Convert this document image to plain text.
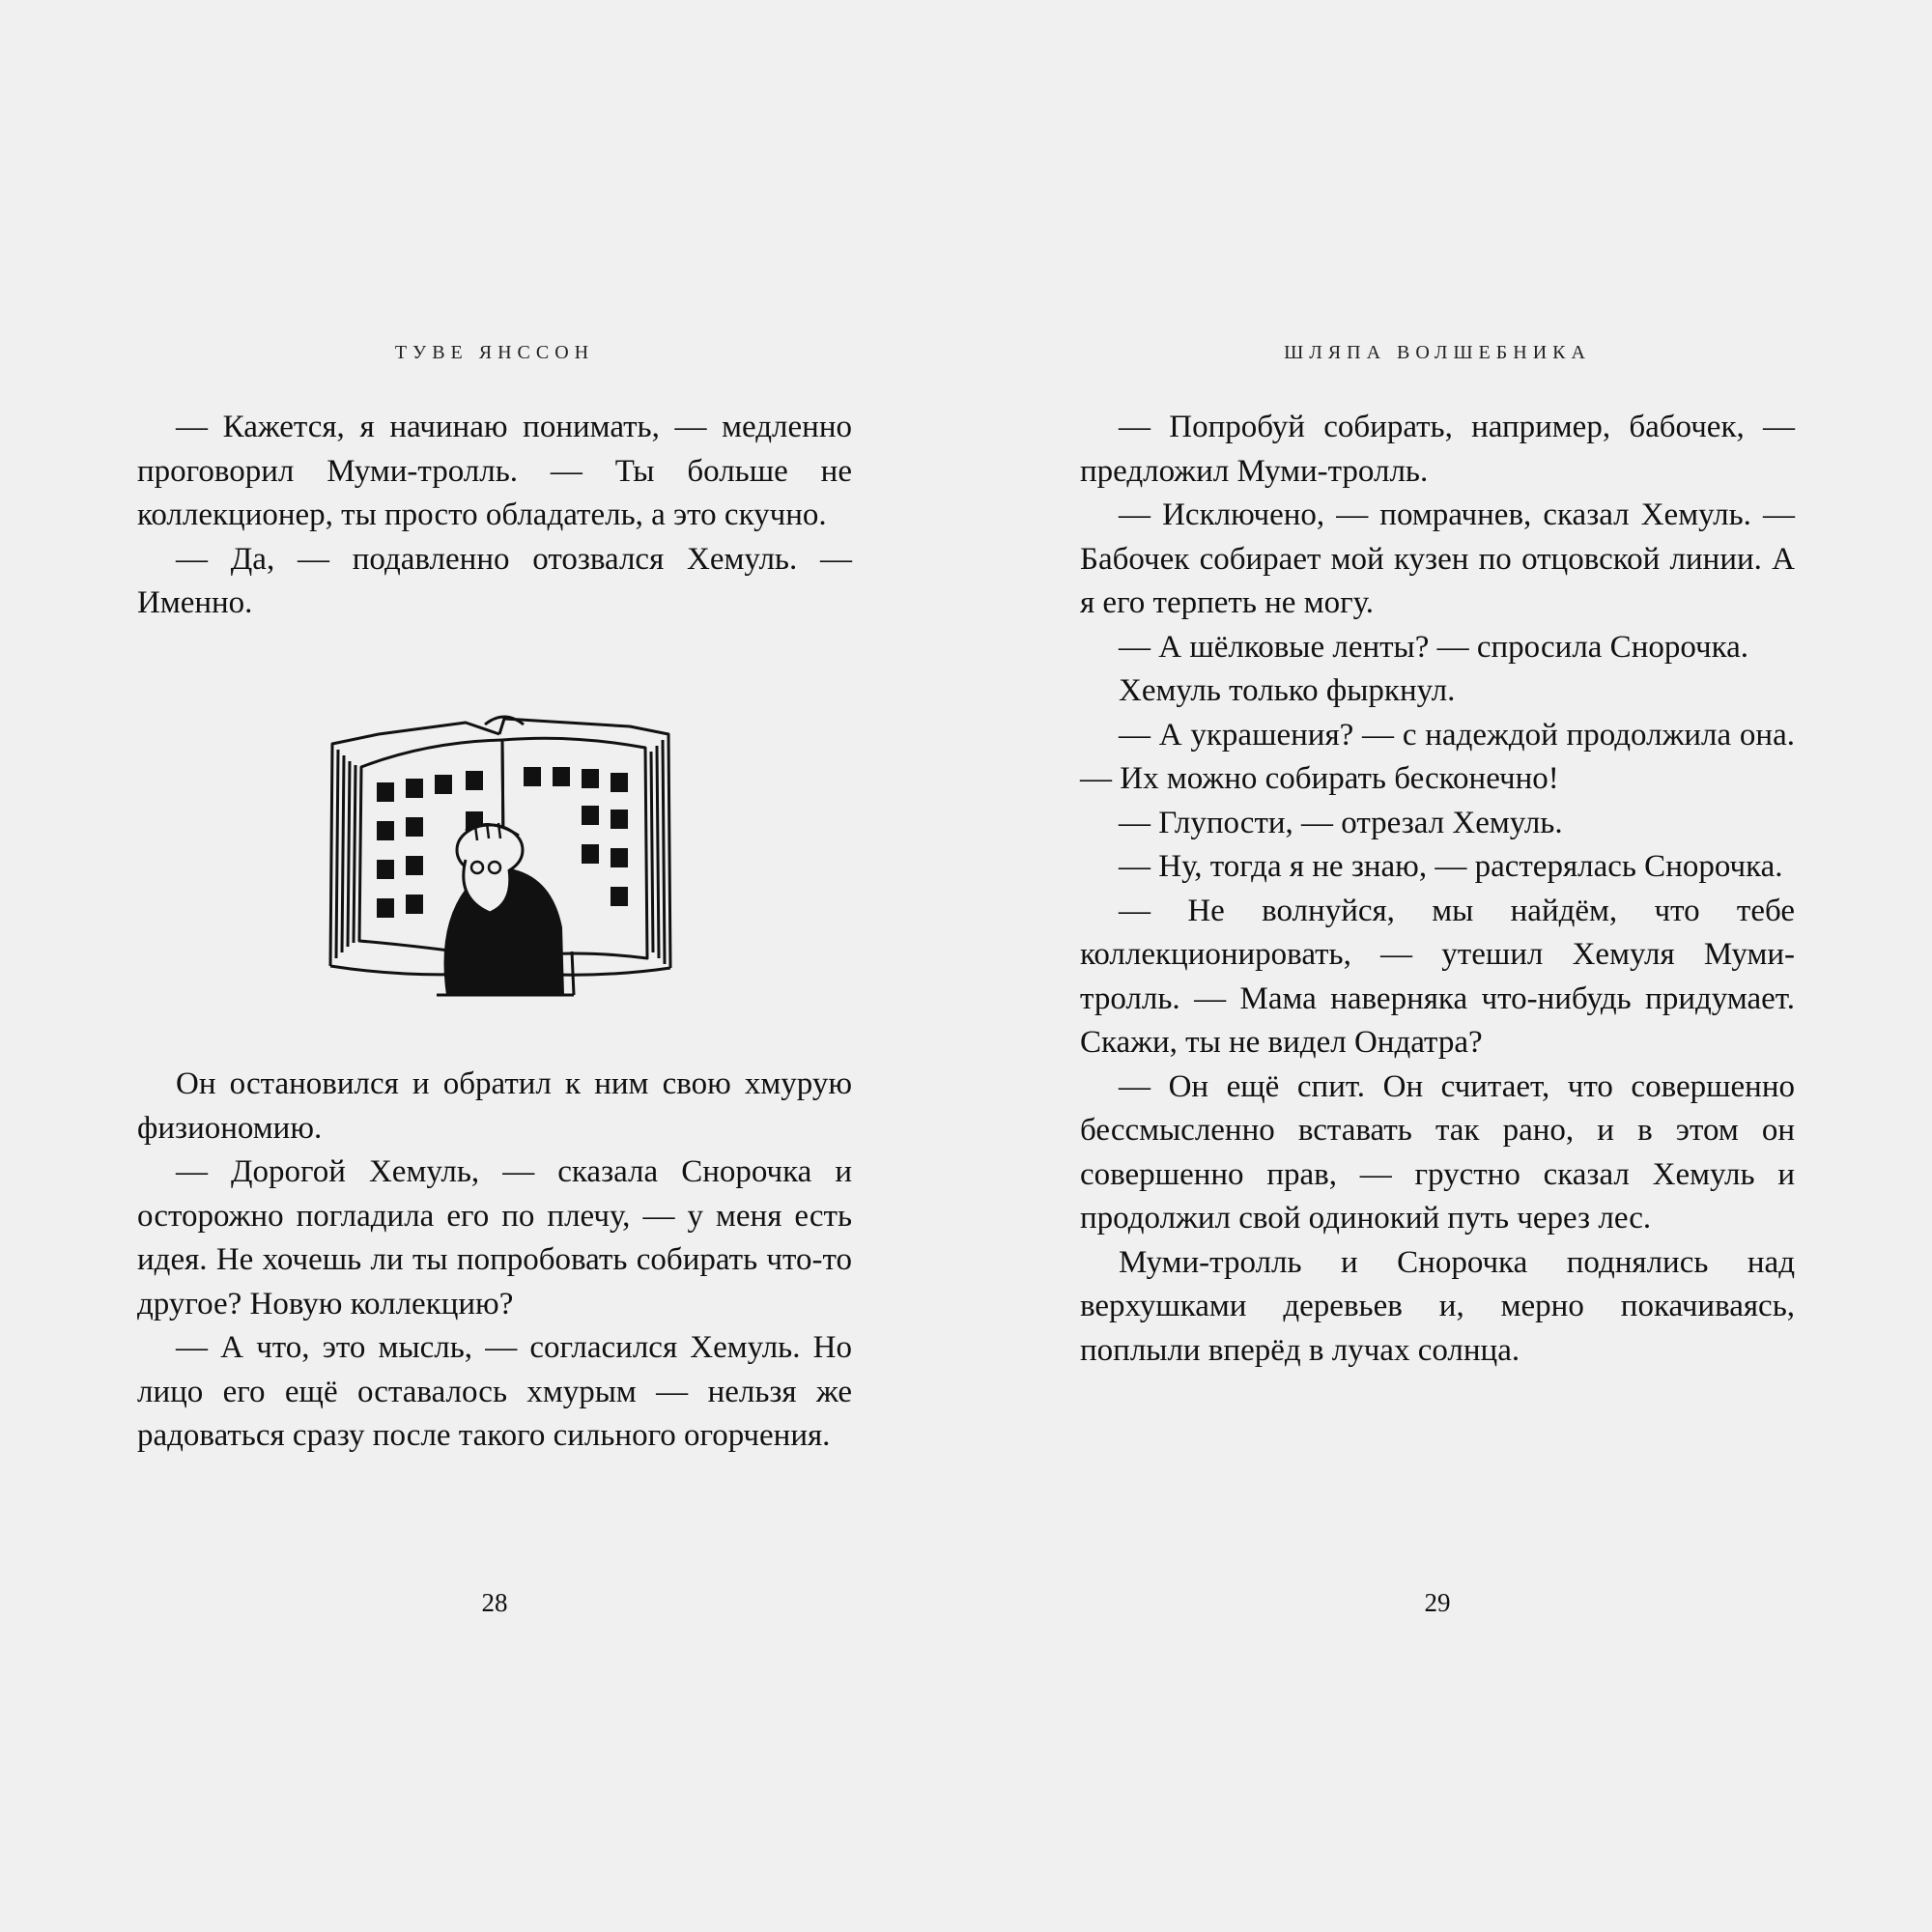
ТУВЕ ЯНССОН

— Кажется, я начинаю понимать, — медленно проговорил Муми-тролль. — Ты больше не коллекционер, ты просто обладатель, а это скучно.

— Да, — подавленно отозвался Хемуль. — Именно.

Он остановился и обратил к ним свою хмурую физиономию.

— Дорогой Хемуль, — сказала Снорочка и осторожно погладила его по плечу, — у меня есть идея. Не хочешь ли ты попробовать собирать что-то другое? Новую коллекцию?

— А что, это мысль, — согласился Хемуль. Но лицо его ещё оставалось хмурым — нельзя же радоваться сразу после такого сильного огорчения.

28
ШЛЯПА ВОЛШЕБНИКА

— Попробуй собирать, например, бабочек, — предложил Муми-тролль.

— Исключено, — помрачнев, сказал Хемуль. — Бабочек собирает мой кузен по отцовской линии. А я его терпеть не могу.

— А шёлковые ленты? — спросила Снорочка.

Хемуль только фыркнул.

— А украшения? — с надеждой продолжила она. — Их можно собирать бесконечно!

— Глупости, — отрезал Хемуль.

— Ну, тогда я не знаю, — растерялась Снорочка.

— Не волнуйся, мы найдём, что тебе коллекционировать, — утешил Хемуля Муми-тролль. — Мама наверняка что-нибудь придумает. Скажи, ты не видел Ондатра?

— Он ещё спит. Он считает, что совершенно бессмысленно вставать так рано, и в этом он совершенно прав, — грустно сказал Хемуль и продолжил свой одинокий путь через лес.

Муми-тролль и Снорочка поднялись над верхушками деревьев и, мерно покачиваясь, поплыли вперёд в лучах солнца.

29
